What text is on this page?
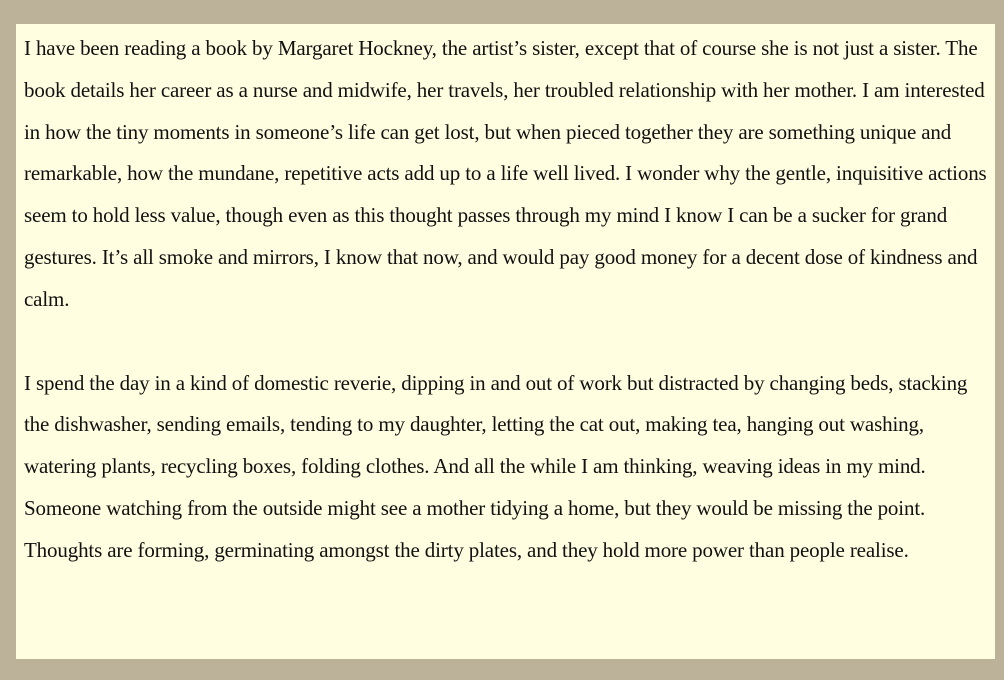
I have been reading a book by Margaret Hockney, the artist’s sister, except that of course she is not just a sister. The book details her career as a nurse and midwife, her travels, her troubled relationship with her mother. I am interested in how the tiny moments in someone’s life can get lost, but when pieced together they are something unique and remarkable, how the mundane, repetitive acts add up to a life well lived. I wonder why the gentle, inquisitive actions seem to hold less value, though even as this thought passes through my mind I know I can be a sucker for grand gestures. It’s all smoke and mirrors, I know that now, and would pay good money for a decent dose of kindness and calm.

I spend the day in a kind of domestic reverie, dipping in and out of work but distracted by changing beds, stacking the dishwasher, sending emails, tending to my daughter, letting the cat out, making tea, hanging out washing, watering plants, recycling boxes, folding clothes. And all the while I am thinking, weaving ideas in my mind. Someone watching from the outside might see a mother tidying a home, but they would be missing the point. Thoughts are forming, germinating amongst the dirty plates, and they hold more power than people realise.
